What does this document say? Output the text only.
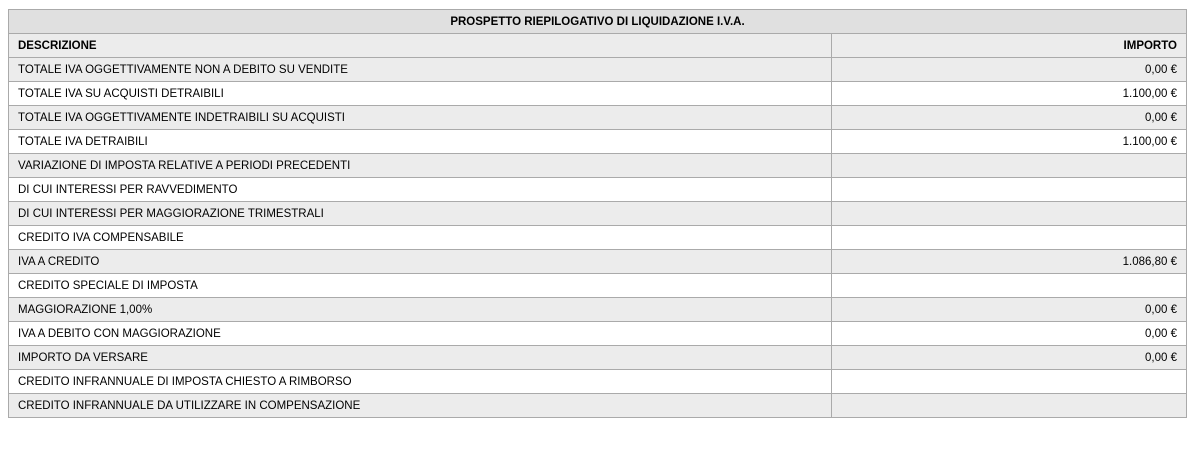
PROSPETTO RIEPILOGATIVO DI LIQUIDAZIONE I.V.A.	
DESCRIZIONE	IMPORTO
TOTALE IVA OGGETTIVAMENTE NON A DEBITO SU VENDITE	0,00 €
TOTALE IVA SU ACQUISTI DETRAIBILI	1.100,00 €
TOTALE IVA OGGETTIVAMENTE INDETRAIBILI SU ACQUISTI	0,00 €
TOTALE IVA DETRAIBILI	1.100,00 €
VARIAZIONE DI IMPOSTA RELATIVE A PERIODI PRECEDENTI	
DI CUI INTERESSI PER RAVVEDIMENTO	
DI CUI INTERESSI PER MAGGIORAZIONE TRIMESTRALI	
CREDITO IVA COMPENSABILE	
IVA A CREDITO	1.086,80 €
CREDITO SPECIALE DI IMPOSTA	
MAGGIORAZIONE 1,00%	0,00 €
IVA A DEBITO CON MAGGIORAZIONE	0,00 €
IMPORTO DA VERSARE	0,00 €
CREDITO INFRANNUALE DI IMPOSTA CHIESTO A RIMBORSO	
CREDITO INFRANNUALE DA UTILIZZARE IN COMPENSAZIONE	
